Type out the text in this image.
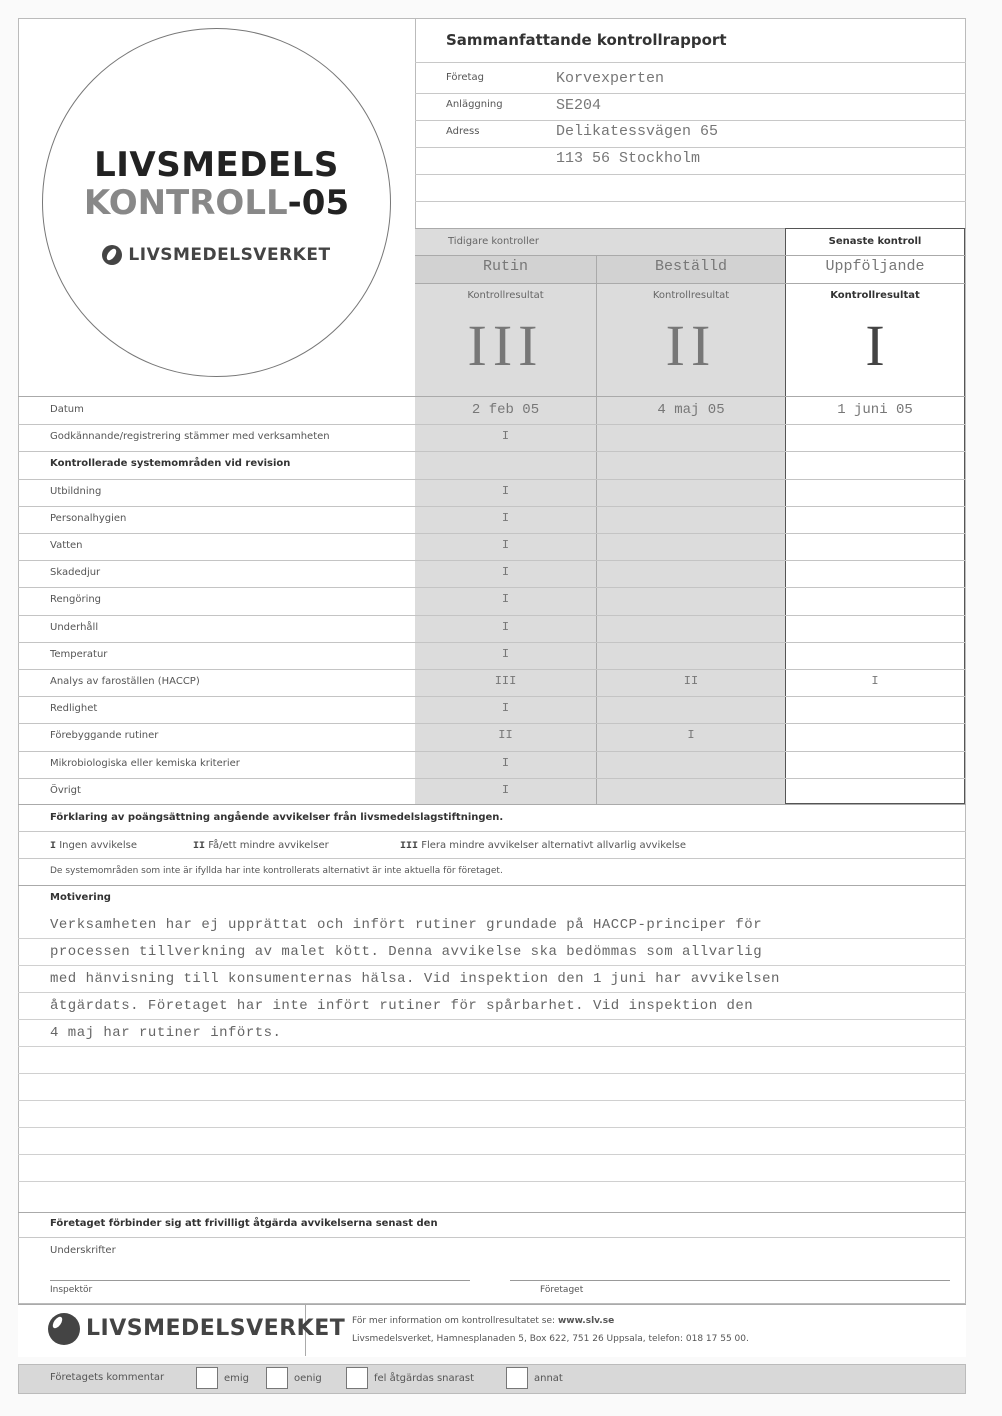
LIVSMEDELS
KONTROLL-05
LIVSMEDELSVERKET
Sammanfattande kontrollrapport
Företag	Korvexperten
Anläggning	SE204
Adress	Delikatessvägen 65
113 56 Stockholm
Tidigare kontroller	Senaste kontroll
Rutin	Beställd	Uppföljande
Kontrollresultat	Kontrollresultat	Kontrollresultat
III	II	I
Datum	2 feb 05	4 maj 05	1 juni 05
Godkännande/registrering stämmer med verksamheten	I
Kontrollerade systemområden vid revision
Utbildning	I
Personalhygien	I
Vatten	I
Skadedjur	I
Rengöring	I
Underhåll	I
Temperatur	I
Analys av faroställen (HACCP)	III	II	I
Redlighet	I
Förebyggande rutiner	II	I
Mikrobiologiska eller kemiska kriterier	I
Övrigt	I
Förklaring av poängsättning angående avvikelser från livsmedelslagstiftningen.
I Ingen avvikelse	II Få/ett mindre avvikelser	III Flera mindre avvikelser alternativt allvarlig avvikelse
De systemområden som inte är ifyllda har inte kontrollerats alternativt är inte aktuella för företaget.
Motivering
Verksamheten har ej upprättat och infört rutiner grundade på HACCP-principer för
processen tillverkning av malet kött. Denna avvikelse ska bedömmas som allvarlig
med hänvisning till konsumenternas hälsa. Vid inspektion den 1 juni har avvikelsen
åtgärdats. Företaget har inte infört rutiner för spårbarhet. Vid inspektion den
4 maj har rutiner införts.
Företaget förbinder sig att frivilligt åtgärda avvikelserna senast den
Underskrifter
Inspektör	Företaget
LIVSMEDELSVERKET För mer information om kontrollresultatet se: www.slv.se
Livsmedelsverket, Hamnesplanaden 5, Box 622, 751 26 Uppsala, telefon: 018 17 55 00.
Företagets kommentar	emig	oenig	fel åtgärdas snarast	annat
